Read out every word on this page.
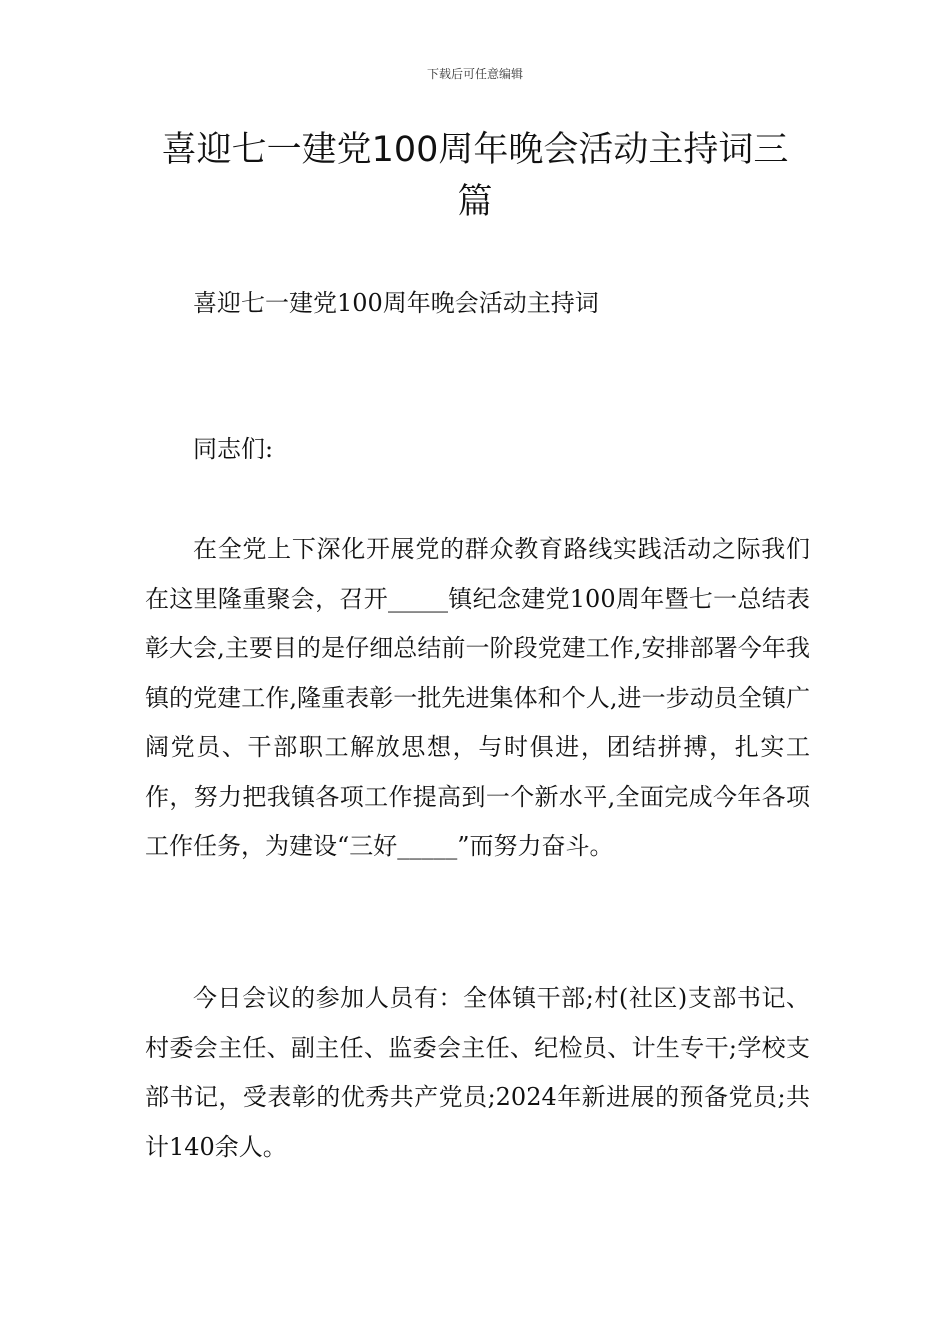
下载后可任意编辑
喜迎七一建党100周年晚会活动主持词三篇

喜迎七一建党100周年晚会活动主持词

同志们:

在全党上下深化开展党的群众教育路线实践活动之际我们在这里隆重聚会，召开_____镇纪念建党100周年暨七一总结表彰大会,主要目的是仔细总结前一阶段党建工作,安排部署今年我镇的党建工作,隆重表彰一批先进集体和个人,进一步动员全镇广阔党员、干部职工解放思想，与时俱进，团结拼搏，扎实工作，努力把我镇各项工作提高到一个新水平,全面完成今年各项工作任务，为建设“三好_____”而努力奋斗。

今日会议的参加人员有：全体镇干部;村(社区)支部书记、村委会主任、副主任、监委会主任、纪检员、计生专干;学校支部书记，受表彰的优秀共产党员;2024年新进展的预备党员;共计140余人。
